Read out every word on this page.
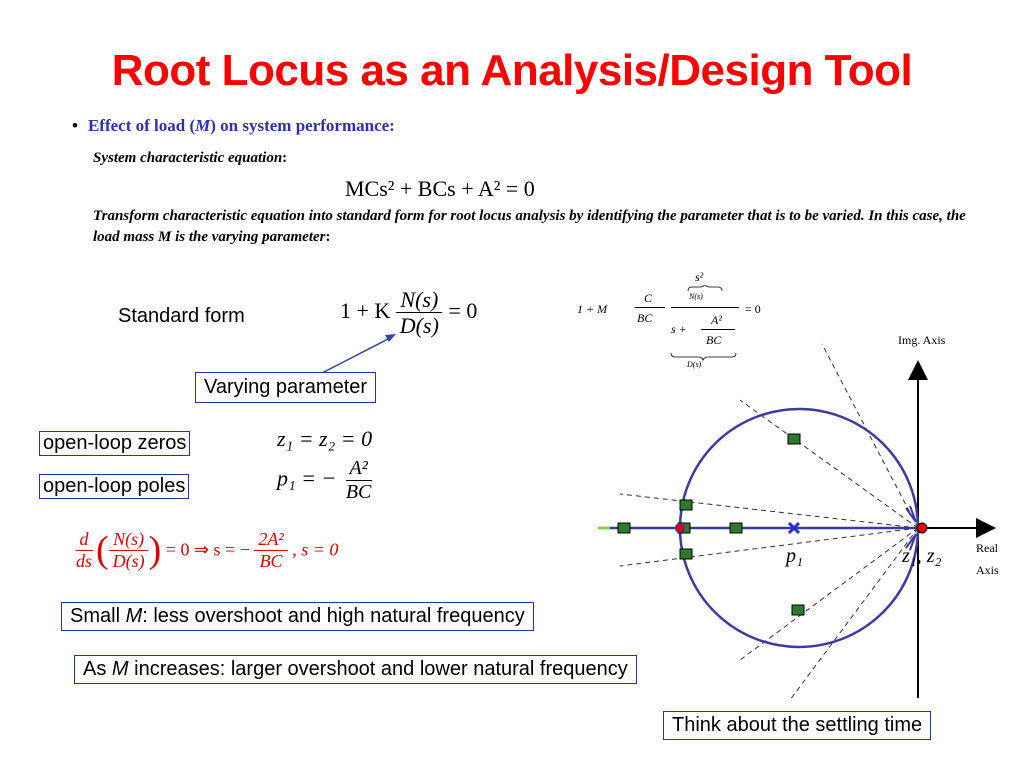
Root Locus as an Analysis/Design Tool
• Effect of load (M) on system performance:
System characteristic equation:
MCs² + BCs + A² = 0
Transform characteristic equation into standard form for root locus analysis by identifying the parameter that is to be varied. In this case, the load mass M is the varying parameter:
Standard form	1 + K $\frac{N(s)}{D(s)} = 0$	1 + M
s²
N(s)
C
BC
s +
A²
BC
D(s)
= 0
Varying parameter
open-loop zeros
open-loop poles
z₁ = z₂ = 0
p₁ = − $\frac{\text{A²}}{BC}$
$\frac{d}{ds}$ ( $\frac{N(s)}{D(s)}$ ) = 0 ⇒ s = − $\frac{\text{2A²}}{BC}$ , s = 0
Small M: less overshoot and high natural frequency
As M increases: larger overshoot and lower natural frequency
Think about the settling time
Img. Axis
Real
Axis
p₁	z₁, z₂
